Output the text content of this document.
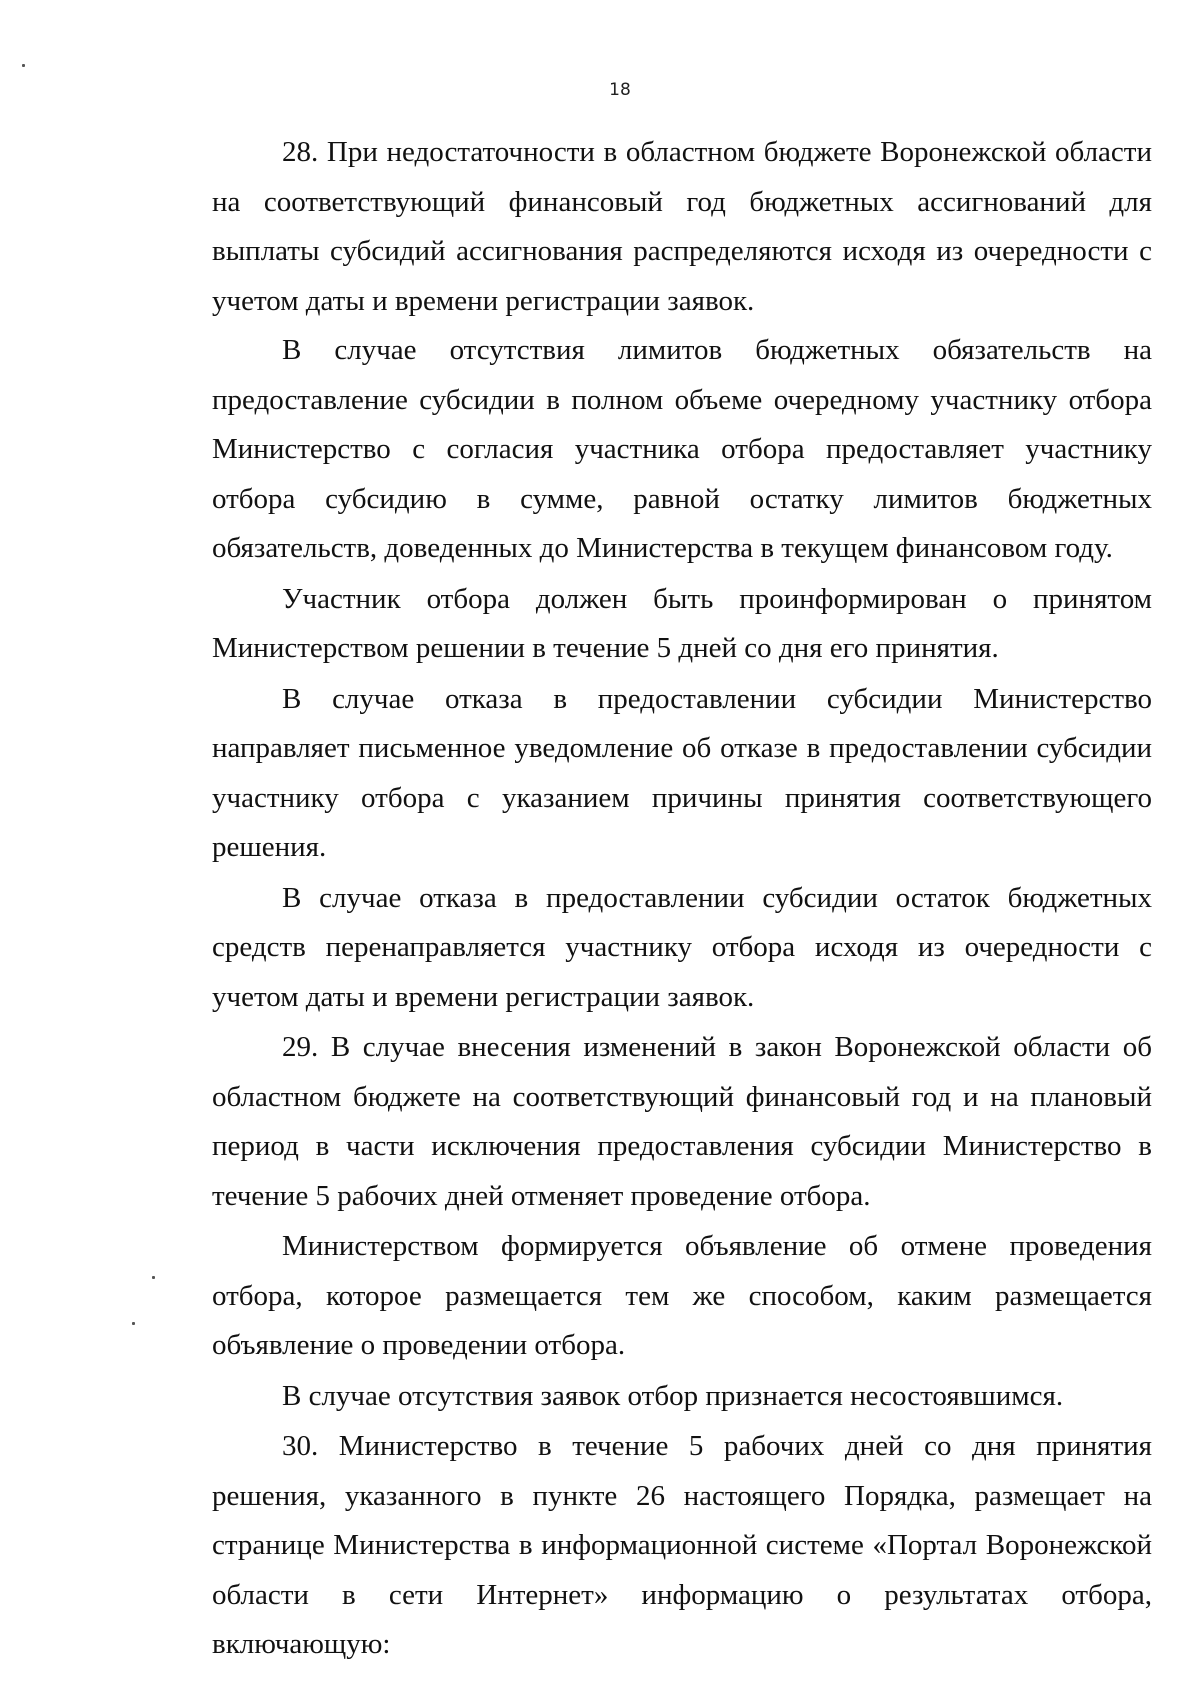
18

28. При недостаточности в областном бюджете Воронежской области на соответствующий финансовый год бюджетных ассигнований для выплаты субсидий ассигнования распределяются исходя из очередности с учетом даты и времени регистрации заявок.

В случае отсутствия лимитов бюджетных обязательств на предоставление субсидии в полном объеме очередному участнику отбора Министерство с согласия участника отбора предоставляет участнику отбора субсидию в сумме, равной остатку лимитов бюджетных обязательств, доведенных до Министерства в текущем финансовом году.

Участник отбора должен быть проинформирован о принятом Министерством решении в течение 5 дней со дня его принятия.

В случае отказа в предоставлении субсидии Министерство направляет письменное уведомление об отказе в предоставлении субсидии участнику отбора с указанием причины принятия соответствующего решения.

В случае отказа в предоставлении субсидии остаток бюджетных средств перенаправляется участнику отбора исходя из очередности с учетом даты и времени регистрации заявок.

29. В случае внесения изменений в закон Воронежской области об областном бюджете на соответствующий финансовый год и на плановый период в части исключения предоставления субсидии Министерство в течение 5 рабочих дней отменяет проведение отбора.

Министерством формируется объявление об отмене проведения отбора, которое размещается тем же способом, каким размещается объявление о проведении отбора.

В случае отсутствия заявок отбор признается несостоявшимся.

30. Министерство в течение 5 рабочих дней со дня принятия решения, указанного в пункте 26 настоящего Порядка, размещает на странице Министерства в информационной системе «Портал Воронежской области в сети Интернет» информацию о результатах отбора, включающую:
